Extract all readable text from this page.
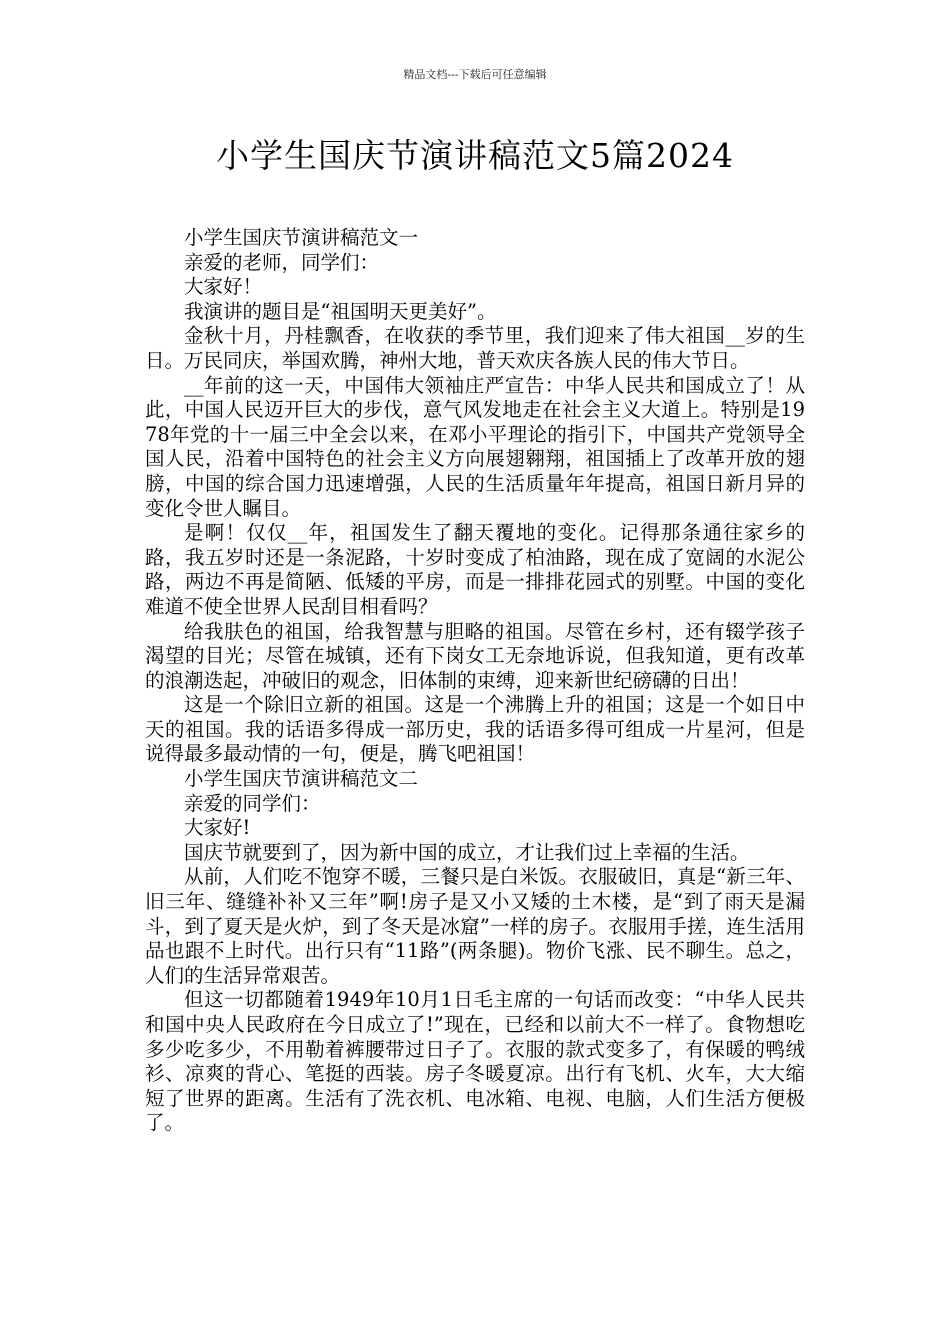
精品文档---下载后可任意编辑
小学生国庆节演讲稿范文5篇2024

小学生国庆节演讲稿范文一

亲爱的老师，同学们：

大家好！

我演讲的题目是“祖国明天更美好”。

金秋十月，丹桂飘香，在收获的季节里，我们迎来了伟大祖国__岁的生日。万民同庆，举国欢腾，神州大地，普天欢庆各族人民的伟大节日。

__年前的这一天，中国伟大领袖庄严宣告：中华人民共和国成立了！从此，中国人民迈开巨大的步伐，意气风发地走在社会主义大道上。特别是1978年党的十一届三中全会以来，在邓小平理论的指引下，中国共产党领导全国人民，沿着中国特色的社会主义方向展翅翱翔，祖国插上了改革开放的翅膀，中国的综合国力迅速增强，人民的生活质量年年提高，祖国日新月异的变化令世人瞩目。

是啊！仅仅__年，祖国发生了翻天覆地的变化。记得那条通往家乡的路，我五岁时还是一条泥路，十岁时变成了柏油路，现在成了宽阔的水泥公路，两边不再是简陋、低矮的平房，而是一排排花园式的别墅。中国的变化难道不使全世界人民刮目相看吗？

给我肤色的祖国，给我智慧与胆略的祖国。尽管在乡村，还有辍学孩子渴望的目光；尽管在城镇，还有下岗女工无奈地诉说，但我知道，更有改革的浪潮迭起，冲破旧的观念，旧体制的束缚，迎来新世纪磅礴的日出！

这是一个除旧立新的祖国。这是一个沸腾上升的祖国；这是一个如日中天的祖国。我的话语多得成一部历史，我的话语多得可组成一片星河，但是说得最多最动情的一句，便是，腾飞吧祖国！

小学生国庆节演讲稿范文二

亲爱的同学们：

大家好!

国庆节就要到了，因为新中国的成立，才让我们过上幸福的生活。

从前，人们吃不饱穿不暖，三餐只是白米饭。衣服破旧，真是“新三年、旧三年、缝缝补补又三年”啊!房子是又小又矮的土木楼，是“到了雨天是漏斗，到了夏天是火炉，到了冬天是冰窟”一样的房子。衣服用手搓，连生活用品也跟不上时代。出行只有“11路”(两条腿)。物价飞涨、民不聊生。总之，人们的生活异常艰苦。

但这一切都随着1949年10月1日毛主席的一句话而改变：“中华人民共和国中央人民政府在今日成立了!”现在，已经和以前大不一样了。食物想吃多少吃多少，不用勒着裤腰带过日子了。衣服的款式变多了，有保暖的鸭绒衫、凉爽的背心、笔挺的西装。房子冬暖夏凉。出行有飞机、火车，大大缩短了世界的距离。生活有了洗衣机、电冰箱、电视、电脑，人们生活方便极了。
